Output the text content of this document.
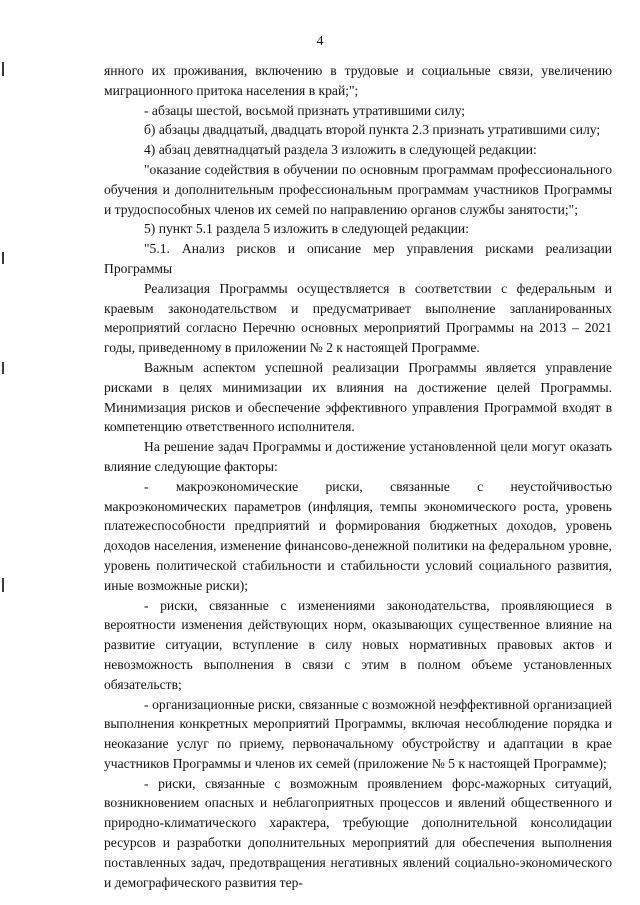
4

янного их проживания, включению в трудовые и социальные связи, увеличению миграционного притока населения в край;";

- абзацы шестой, восьмой признать утратившими силу;

б) абзацы двадцатый, двадцать второй пункта 2.3 признать утратившими силу;

4) абзац девятнадцатый раздела 3 изложить в следующей редакции:

"оказание содействия в обучении по основным программам профессионального обучения и дополнительным профессиональным программам участников Программы и трудоспособных членов их семей по направлению органов службы занятости;";

5) пункт 5.1 раздела 5 изложить в следующей редакции:

"5.1. Анализ рисков и описание мер управления рисками реализации Программы

Реализация Программы осуществляется в соответствии с федеральным и краевым законодательством и предусматривает выполнение запланированных мероприятий согласно Перечню основных мероприятий Программы на 2013 – 2021 годы, приведенному в приложении № 2 к настоящей Программе.

Важным аспектом успешной реализации Программы является управление рисками в целях минимизации их влияния на достижение целей Программы. Минимизация рисков и обеспечение эффективного управления Программой входят в компетенцию ответственного исполнителя.

На решение задач Программы и достижение установленной цели могут оказать влияние следующие факторы:

- макроэкономические риски, связанные с неустойчивостью макроэкономических параметров (инфляция, темпы экономического роста, уровень платежеспособности предприятий и формирования бюджетных доходов, уровень доходов населения, изменение финансово-денежной политики на федеральном уровне, уровень политической стабильности и стабильности условий социального развития, иные возможные риски);

- риски, связанные с изменениями законодательства, проявляющиеся в вероятности изменения действующих норм, оказывающих существенное влияние на развитие ситуации, вступление в силу новых нормативных правовых актов и невозможность выполнения в связи с этим в полном объеме установленных обязательств;

- организационные риски, связанные с возможной неэффективной организацией выполнения конкретных мероприятий Программы, включая несоблюдение порядка и неоказание услуг по приему, первоначальному обустройству и адаптации в крае участников Программы и членов их семей (приложение № 5 к настоящей Программе);

- риски, связанные с возможным проявлением форс-мажорных ситуаций, возникновением опасных и неблагоприятных процессов и явлений общественного и природно-климатического характера, требующие дополнительной консолидации ресурсов и разработки дополнительных мероприятий для обеспечения выполнения поставленных задач, предотвращения негативных явлений социально-экономического и демографического развития тер-
